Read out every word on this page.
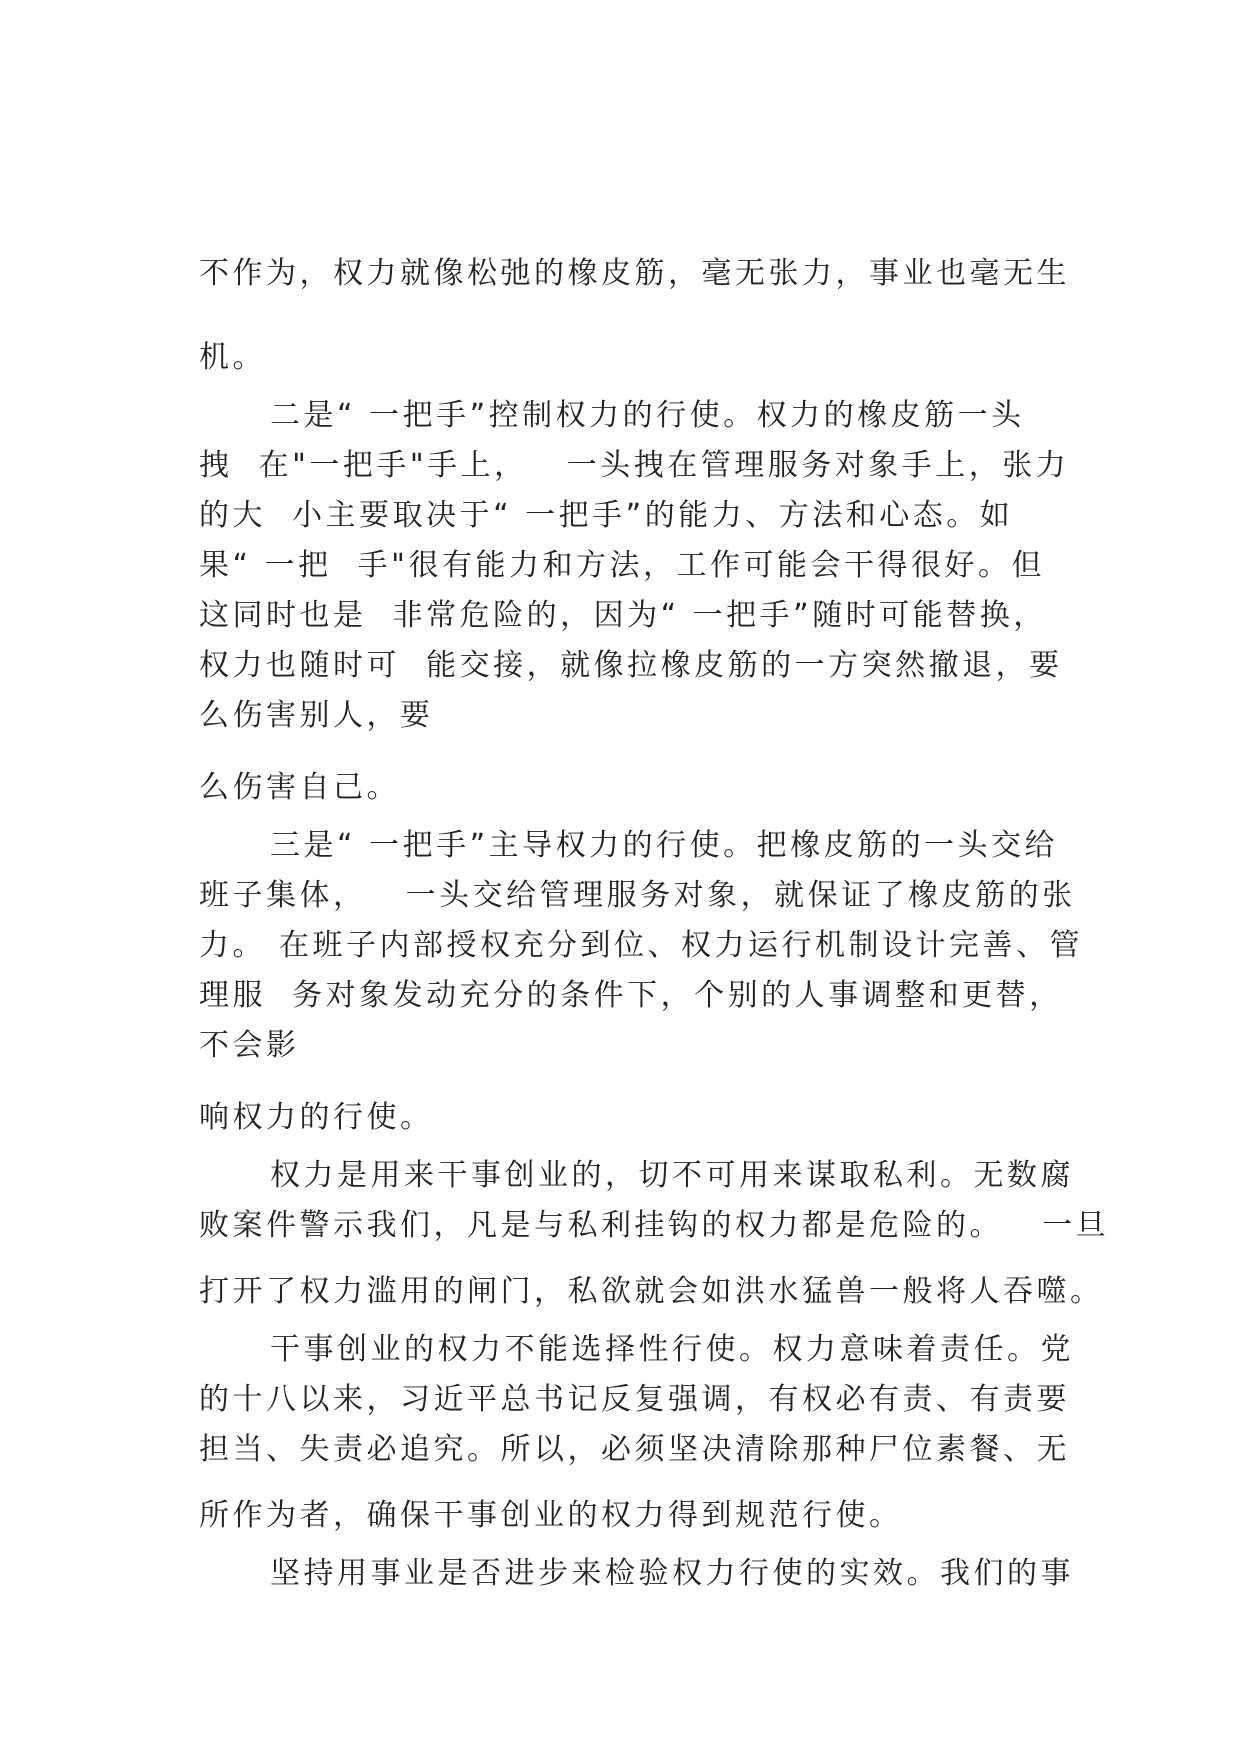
不作为，权力就像松弛的橡皮筋，毫无张力，事业也毫无生
机。
二是“ 一把手”控制权力的行使。权力的橡皮筋一头
拽  在"一把手"手上，   一头拽在管理服务对象手上，张力
的大  小主要取决于“ 一把手”的能力、方法和心态。如
果“ 一把  手"很有能力和方法，工作可能会干得很好。但
这同时也是  非常危险的，因为“ 一把手”随时可能替换，
权力也随时可  能交接，就像拉橡皮筋的一方突然撤退，要
么伤害别人，要
么伤害自己。
三是“ 一把手”主导权力的行使。把橡皮筋的一头交给
班子集体，   一头交给管理服务对象，就保证了橡皮筋的张
力。 在班子内部授权充分到位、权力运行机制设计完善、管
理服  务对象发动充分的条件下，个别的人事调整和更替，
不会影
响权力的行使。
权力是用来干事创业的，切不可用来谋取私利。无数腐
败案件警示我们，凡是与私利挂钩的权力都是危险的。   一旦
打开了权力滥用的闸门，私欲就会如洪水猛兽一般将人吞噬。
干事创业的权力不能选择性行使。权力意味着责任。党
的十八以来，习近平总书记反复强调，有权必有责、有责要
担当、失责必追究。所以，必须坚决清除那种尸位素餐、无
所作为者，确保干事创业的权力得到规范行使。
坚持用事业是否进步来检验权力行使的实效。我们的事
